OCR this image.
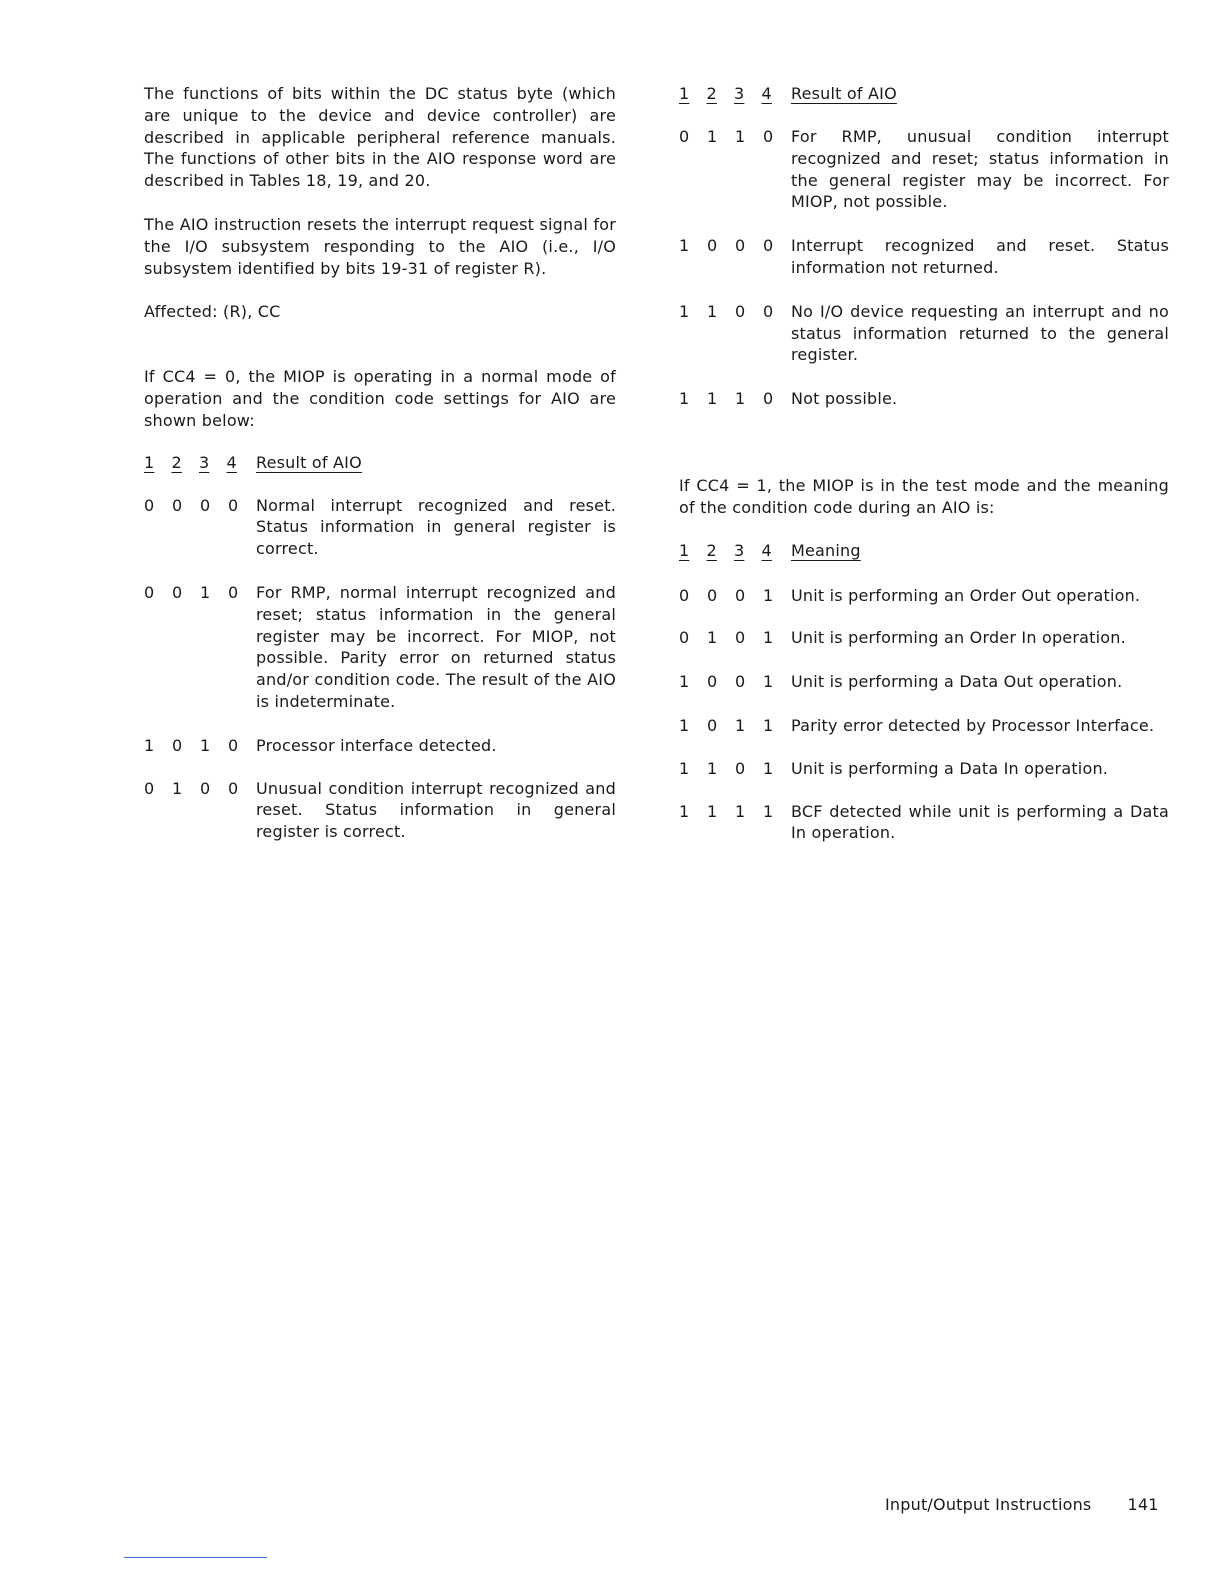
The functions of bits within the DC status byte (which are unique to the device and device controller) are described in applicable peripheral reference manuals. The functions of other bits in the AIO response word are described in Tables 18, 19, and 20.

The AIO instruction resets the interrupt request signal for the I/O subsystem responding to the AIO (i.e., I/O subsystem identified by bits 19-31 of register R).

Affected: (R), CC

If CC4 = 0, the MIOP is operating in a normal mode of operation and the condition code settings for AIO are shown below:

1	2	3	4	Result of AIO
0	0	0	0	Normal interrupt recognized and reset. Status information in general register is correct.
0	0	1	0	For RMP, normal interrupt recognized and reset; status information in the general register may be incorrect. For MIOP, not possible. Parity error on returned status and/or condition code. The result of the AIO is indeterminate.
1	0	1	0	Processor interface detected.
0	1	0	0	Unusual condition interrupt recognized and reset. Status information in general register is correct.
1	2	3	4	Result of AIO
0	1	1	0	For RMP, unusual condition interrupt recognized and reset; status information in the general register may be incorrect. For MIOP, not possible.
1	0	0	0	Interrupt recognized and reset. Status information not returned.
1	1	0	0	No I/O device requesting an interrupt and no status information returned to the general register.
1	1	1	0	Not possible.

If CC4 = 1, the MIOP is in the test mode and the meaning of the condition code during an AIO is:

1	2	3	4	Meaning
0	0	0	1	Unit is performing an Order Out operation.
0	1	0	1	Unit is performing an Order In operation.
1	0	0	1	Unit is performing a Data Out operation.
1	0	1	1	Parity error detected by Processor Interface.
1	1	0	1	Unit is performing a Data In operation.
1	1	1	1	BCF detected while unit is performing a Data In operation.
Input/Output Instructions 141
